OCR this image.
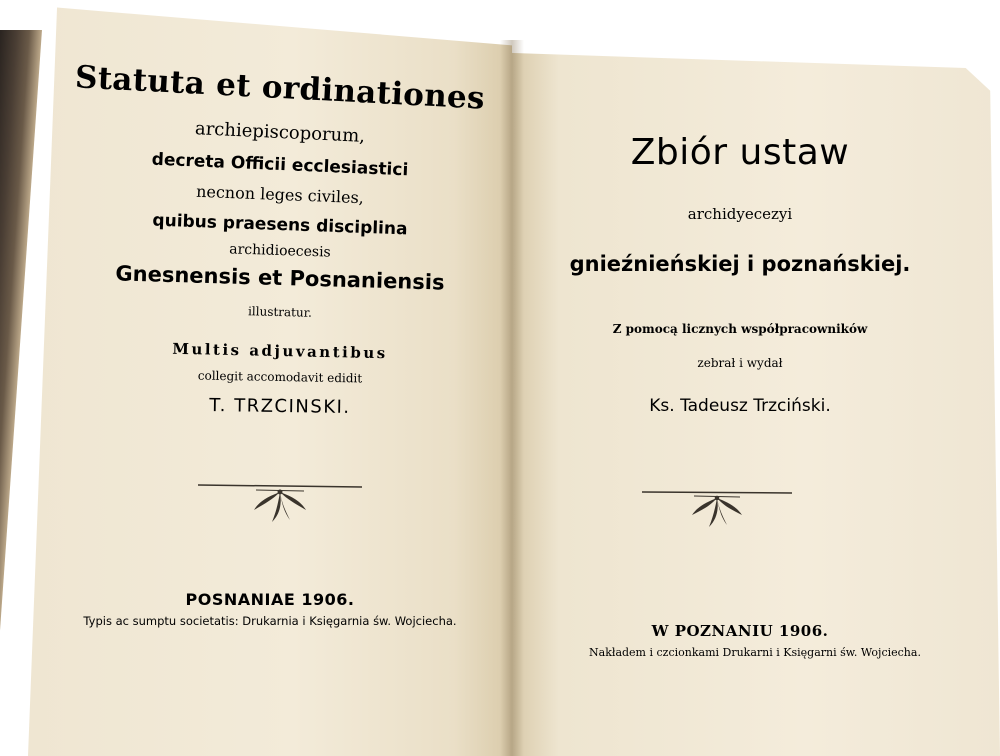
Statuta et ordinationes
archiepiscoporum,
decreta Officii ecclesiastici
necnon leges civiles,
quibus praesens disciplina
archidioecesis
Gnesnensis et Posnaniensis
illustratur.
Multis adjuvantibus
collegit accomodavit edidit
T. TRZCINSKI.
POSNANIAE 1906.
Typis ac sumptu societatis: Drukarnia i Księgarnia św. Wojciecha.
Zbiór ustaw
archidyecezyi
gnieźnieńskiej i poznańskiej.
Z pomocą licznych współpracowników
zebrał i wydał
Ks. Tadeusz Trzciński.
W POZNANIU 1906.
Nakładem i czcionkami Drukarni i Księgarni św. Wojciecha.
